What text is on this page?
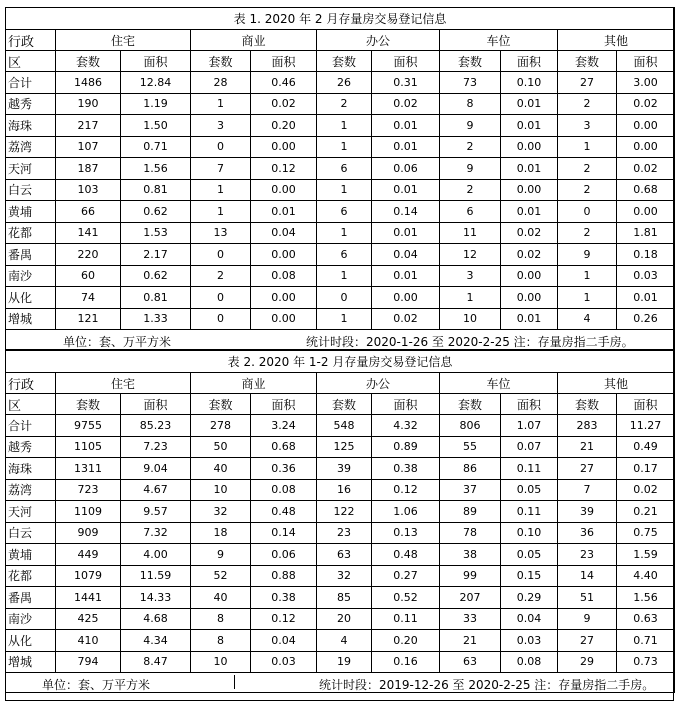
表 1. 2020 年 2 月存量房交易登记信息										
行政	住宅		商业		办公		车位		其他	
区	套数	面积	套数	面积	套数	面积	套数	面积	套数	面积
合计	1486	12.84	28	0.46	26	0.31	73	0.10	27	3.00
越秀	190	1.19	1	0.02	2	0.02	8	0.01	2	0.02
海珠	217	1.50	3	0.20	1	0.01	9	0.01	3	0.00
荔湾	107	0.71	0	0.00	1	0.01	2	0.00	1	0.00
天河	187	1.56	7	0.12	6	0.06	9	0.01	2	0.02
白云	103	0.81	1	0.00	1	0.01	2	0.00	2	0.68
黄埔	66	0.62	1	0.01	6	0.14	6	0.01	0	0.00
花都	141	1.53	13	0.04	1	0.01	11	0.02	2	1.81
番禺	220	2.17	0	0.00	6	0.04	12	0.02	9	0.18
南沙	60	0.62	2	0.08	1	0.01	3	0.00	1	0.03
从化	74	0.81	0	0.00	0	0.00	1	0.00	1	0.01
增城	121	1.33	0	0.00	1	0.02	10	0.01	4	0.26

单位：套、万平方米 统计时段：2020-1-26 至 2020-2-25 注：存量房指二手房。										
表 2. 2020 年 1-2 月存量房交易登记信息										
行政	住宅		商业		办公		车位		其他	
区	套数	面积	套数	面积	套数	面积	套数	面积	套数	面积
合计	9755	85.23	278	3.24	548	4.32	806	1.07	283	11.27
越秀	1105	7.23	50	0.68	125	0.89	55	0.07	21	0.49
海珠	1311	9.04	40	0.36	39	0.38	86	0.11	27	0.17
荔湾	723	4.67	10	0.08	16	0.12	37	0.05	7	0.02
天河	1109	9.57	32	0.48	122	1.06	89	0.11	39	0.21
白云	909	7.32	18	0.14	23	0.13	78	0.10	36	0.75
黄埔	449	4.00	9	0.06	63	0.48	38	0.05	23	1.59
花都	1079	11.59	52	0.88	32	0.27	99	0.15	14	4.40
番禺	1441	14.33	40	0.38	85	0.52	207	0.29	51	1.56
南沙	425	4.68	8	0.12	20	0.11	33	0.04	9	0.63
从化	410	4.34	8	0.04	4	0.20	21	0.03	27	0.71
增城	794	8.47	10	0.03	19	0.16	63	0.08	29	0.73

单位：套、万平方米 统计时段：2019-12-26 至 2020-2-25 注：存量房指二手房。										
